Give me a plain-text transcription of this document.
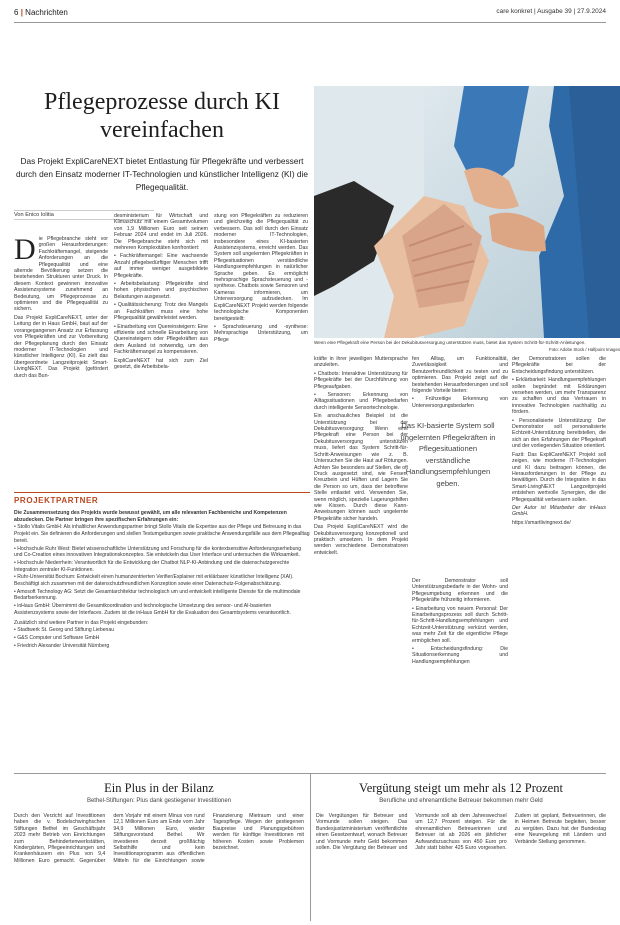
6 | Nachrichten	care konkret | Ausgabe 39 | 27.9.2024
Pflegeprozesse durch KI vereinfachen

Das Projekt ExpliCareNEXT bietet Entlastung für Pflegekräfte und verbessert durch den Einsatz moderner IT-Technologien und künstlicher Intelligenz (KI) die Pflegequalität.

Von Enico Iolitia
Wenn eine Pflegekraft eine Person bei der Dekubitusversorgung unterstützen muss, bietet das System Schritt-für-Schritt-Anleitungen.
Foto: Adobe Stock / Halfpoint Images
D ie Pflegebranche steht vor großen Herausforderungen: Fachkräftemangel, steigende Anforderungen an die Pflegequalität und eine alternde Bevölkerung setzen die bestehenden Strukturen unter Druck. In diesem Kontext gewinnen innovative Assistenzsysteme zunehmend an Bedeutung, um Pflegeprozesse zu optimieren und die Pflegequalität zu sichern.

Das Projekt ExpliCareNEXT, unter der Leitung der in Haus GmbH, baut auf der vorangegangenen Ansatz zur Erfassung von Pflegekräften und zur Vorbereitung der Pflegeplanung durch den Einsatz moderner IT-Technologien und künstlicher Intelligenz (KI). Es zielt das übergeordnete Langzeitprojekt Smart-LivingNEXT. Das Projekt (gefördert durch das Bun-

desministerium für Wirtschaft und Klimaschutz mit einem Gesamtvolumen von 1,9 Millionen Euro seit seinem Februar 2024 und endet im Juli 2026. Die Pflegebranche steht sich mit mehreren Komplexitäten konfrontiert:

• Fachkräftemangel: Eine wachsende Anzahl pflegebedürftiger Menschen trifft auf immer weniger ausgebildete Pflegekräfte.

• Arbeitsbelastung: Pflegekräfte sind hohen physischen und psychischen Belastungen ausgesetzt.

• Qualitätssicherung: Trotz des Mangels an Fachkräften muss eine hohe Pflegequalität gewährleistet werden.

• Einarbeitung von Quereinsteigern: Eine effiziente und schnelle Einarbeitung von Quereinsteigern oder Pflegekräften aus dem Ausland ist notwendig, um den Fachkräftemangel zu kompensieren.

ExpliCareNEXT hat sich zum Ziel gesetzt, die Arbeitsbela-

stung von Pflegekräften zu reduzieren und gleichzeitig die Pflegequalität zu verbessern. Das soll durch den Einsatz moderner IT-Technologien, insbesondere eines KI-basierten Assistenzsystems, erreicht werden. Das System soll ungelernten Pflegekräften in Pflegesituationen verständliche Handlungsempfehlungen in natürlicher Sprache geben. Es ermöglicht mehrsprachige Sprachsteuerung und -synthese. Chatbots sowie Sensoren und Kameras informieren, um Unterversorgung aufzudecken. Im ExpliCareNEXT Projekt werden folgende technologische Komponenten bereitgestellt:

• Sprachsteuerung und -synthese: Mehrsprachige Unterstützung, um Pflege

kräfte in ihrer jeweiligen Muttersprache anzuleiten.

• Chatbots: Interaktive Unterstützung für Pflegekräfte bei der Durchführung von Pflegeaufgaben.

• Sensoren: Erkennung von Alltagssituationen und Pflegebedarfen durch intelligente Sensortechnologie.

Ein anschauliches Beispiel ist die Unterstützung bei der Dekubitusversorgung: Wenn eine Pflegekraft eine Person bei der Dekubitusversorgung unterstützen muss, liefert das System Schritt-für-Schritt-Anweisungen wie z. B. Untersuchen Sie die Haut auf Rötungen. Achten Sie besonders auf Stellen, die oft Druck ausgesetzt sind, wie Fersen, Kreuzbein und Hüften und Lagern Sie die Person so um, dass der betroffene Stelle entlastet wird. Verwenden Sie, wenn möglich, spezielle Lagerungshilfen wie Kissen. Durch diese Kann-Anweisungen können auch ungelernte Pflegekräfte sicher handeln.

Das Projekt ExpliCareNEXT wird die Dekubitusversorgung konzeptionell und praktisch umsetzen. In dem Projekt werden verschiedene Demonstratoren entwickelt.

fen Alltag, um Funktionalität, Zuverlässigkeit und Benutzerfreundlichkeit zu testen und zu optimieren. Das Projekt zeigt auf die bestehenden Herausforderungen und soll folgende Vorteile bieten:

• Frühzeitige Erkennung von Unterversorgungsbedarfen

Das KI-basierte System soll ungelernten Pflegekräften in Pflegesituationen verständliche Handlungsempfehlungen geben.

Der Demonstrator soll Unterstützungsbedarfe in der Wohn- und Pflegeumgebung erkennen und die Pflegekräfte frühzeitig informieren.

• Einarbeitung von neuem Personal: Der Einarbeitungsprozess soll durch Schritt-für-Schritt-Handlungsempfehlungen und Echtzeit-Unterstützung verkürzt werden, was mehr Zeit für die eigentliche Pflege ermöglichen soll.

• Entscheidungsfindung: Die Situationserkennung und Handlungsempfehlungen

der Demonstratoren sollen die Pflegekräfte bei der Entscheidungsfindung unterstützen.

• Erklärbarkeit: Handlungsempfehlungen sollen begründet mit Erklärungen versehen werden, um mehr Transparenz zu schaffen und das Vertrauen in innovative Technologien nachhaltig zu fördern.

• Personalisierte Unterstützung: Der Demonstrator soll personalisierte Echtzeit-Unterstützung bereitstellen, die sich an den Erfahrungen der Pflegekraft und der vorliegenden Situation orientiert.

Fazit: Das ExpliCareNEXT Projekt soll zeigen, wie moderne IT-Technologien und KI dazu beitragen können, die Herausforderungen in der Pflege zu bewältigen. Durch die Integration in das Smart-LivingNEXT Langzeitprojekt entstehen wertvolle Synergien, die die Pflegequalität verbessern sollen.

Der Autor ist Mitarbeiter der inHaus GmbH.

https://smartlivingnext.de/

PROJEKTPARTNER

Die Zusammensetzung des Projekts wurde bewusst gewählt, um alle relevanten Fachbereiche und Kompetenzen abzudecken. Die Partner bringen ihre spezifischen Erfahrungen ein:

• Stollo Vitalis GmbH: Als inhaltlicher Anwendungspartner bringt Stollo Vitalis die Expertise aus der Pflege und Betreuung in das Projekt ein. Sie definieren die Anforderungen und stellen Testumgebungen sowie praktische Anwendungsfälle aus dem Pflegealltag bereit.

• Hochschule Ruhr West: Bietet wissenschaftliche Unterstützung und Forschung für die kontextsensitive Anforderungserhebung und Co-Creation eines innovativen Integrationskonzeptes. Sie entwickeln das User Interface und untersuchen die Wirksamkeit.

• Hochschule Niederrhein: Verantwortlich für die Entwicklung der Chatbot NLP-KI-Anbindung und die datenschutzgerechte Integration zentraler KI-Funktionen.

• Ruhr-Universität Bochum: Entwickelt einen humanzentrierten Verifier/Explainer mit erklärbarer künstlicher Intelligenz (XAI). Beschäftigt sich zusammen mit der datenschutzfreundlichen Konzeption sowie einer Datenschutz-Folgenabschätzung.

• Amosoft Technology AG: Setzt die Gesamtarchitektur technologisch um und entwickelt intelligente Dienste für die multimodale Bedarfserkennung.

• inHaus GmbH: Übernimmt die Gesamtkoordination und technologische Umsetzung des sensor- und AI-basierten Assistenzsystems sowie der Interfaces. Zudem ist die inHaus GmbH für die Evaluation des Gesamtsystems verantwortlich.

Zusätzlich sind weitere Partner in das Projekt eingebunden:

• Stadtwerk St. Georg und Stiftung Liebenau

• G&S Computer und Software GmbH

• Friedrich Alexander Universität Nürnberg

Ein Plus in der Bilanz
Bethel-Stiftungen: Plus dank gestiegener Investitionen
Durch den Verzicht auf Investitionen haben die v. Bodelschwinghschen Stiftungen Bethel im Geschäftsjahr 2023 mehr Betrieb von Einrichtungen zum Behindertenwerkstätten, Kindergärten, Pflegeeinrichtungen und Krankenhäusern ein Plus von 9,4 Millionen Euro gemacht. Gegenüber dem Vorjahr mit einem Minus von rund 12,1 Millionen Euro am Ende vom Jahr 94,9 Millionen Euro, wieder Stiftungsvorstand Bethel. Wir investieren derzeit großflächig Selbsthilfe und kein Investitionsprogramm aus öffentlichen Mitteln für die Einrichtungen sowie Finanzierung Mietraum und einer Tagespflege. Wegen der gestiegenen Baupreise und Planungsgebühren werden für künftige Investitionen mit höheren Kosten sowie Problemen bezeichnet.
Vergütung steigt um mehr als 12 Prozent
Berufliche und ehrenamtliche Betreuer bekommen mehr Geld
Die Vergütungen für Betreuer und Vormunde sollen steigen. Das Bundesjustizministerium veröffentlichte einen Gesetzentwurf, wonach Betreuer und Vormunde mehr Geld bekommen sollen. Die Vergütung der Betreuer und Vormunde soll ab dem Jahreswechsel um 12,7 Prozent steigen. Für die ehrenamtlichen Betreuerinnen und Betreuer ist ab 2026 ein jährlicher Aufwandszuschuss von 450 Euro pro Jahr statt bisher 425 Euro vorgesehen. Zudem ist geplant, Betreuerinnen, die in Heimen Betreute begleiten, besser zu vergüten. Dazu hat der Bundestag eine Neuregelung mit Ländern und Verbände Stellung genommen.
